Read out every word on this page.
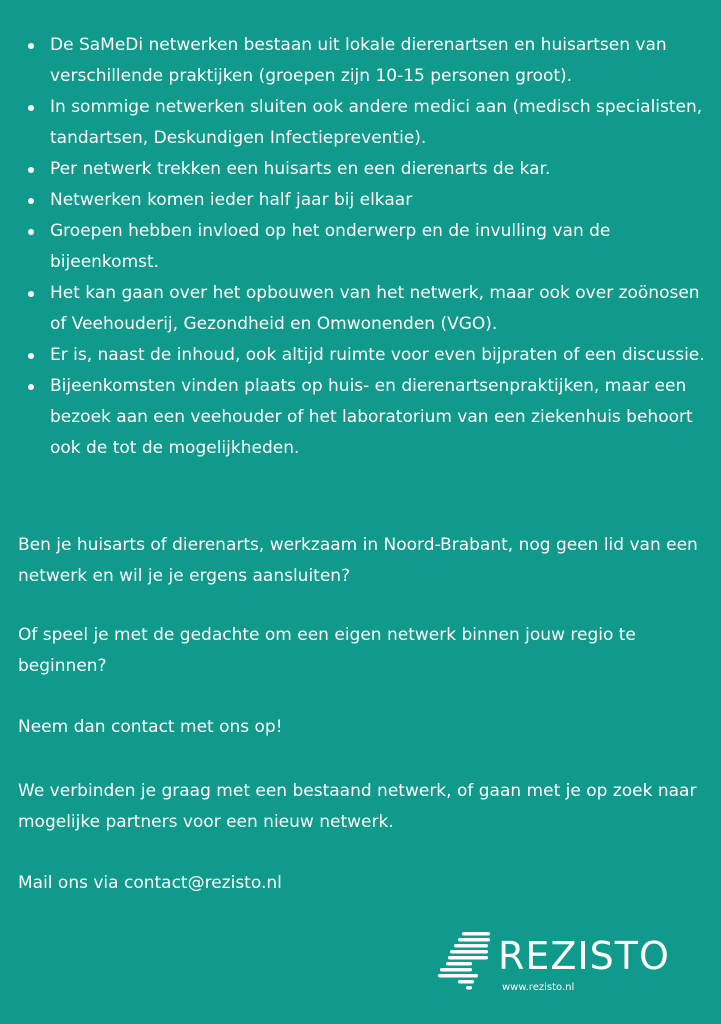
De SaMeDi netwerken bestaan uit lokale dierenartsen en huisartsen van verschillende praktijken (groepen zijn 10-15 personen groot).
In sommige netwerken sluiten ook andere medici aan (medisch specialisten, tandartsen, Deskundigen Infectiepreventie).
Per netwerk trekken een huisarts en een dierenarts de kar.
Netwerken komen ieder half jaar bij elkaar
Groepen hebben invloed op het onderwerp en de invulling van de bijeenkomst.
Het kan gaan over het opbouwen van het netwerk, maar ook over zoönosen of Veehouderij, Gezondheid en Omwonenden (VGO).
Er is, naast de inhoud, ook altijd ruimte voor even bijpraten of een discussie.
Bijeenkomsten vinden plaats op huis- en dierenartsenpraktijken, maar een bezoek aan een veehouder of het laboratorium van een ziekenhuis behoort ook de tot de mogelijkheden.

Ben je huisarts of dierenarts, werkzaam in Noord-Brabant, nog geen lid van een netwerk en wil je je ergens aansluiten?

Of speel je met de gedachte om een eigen netwerk binnen jouw regio te beginnen?

Neem dan contact met ons op!

We verbinden je graag met een bestaand netwerk, of gaan met je op zoek naar mogelijke partners voor een nieuw netwerk.

Mail ons via contact@rezisto.nl

REZISTO
www.rezisto.nl
